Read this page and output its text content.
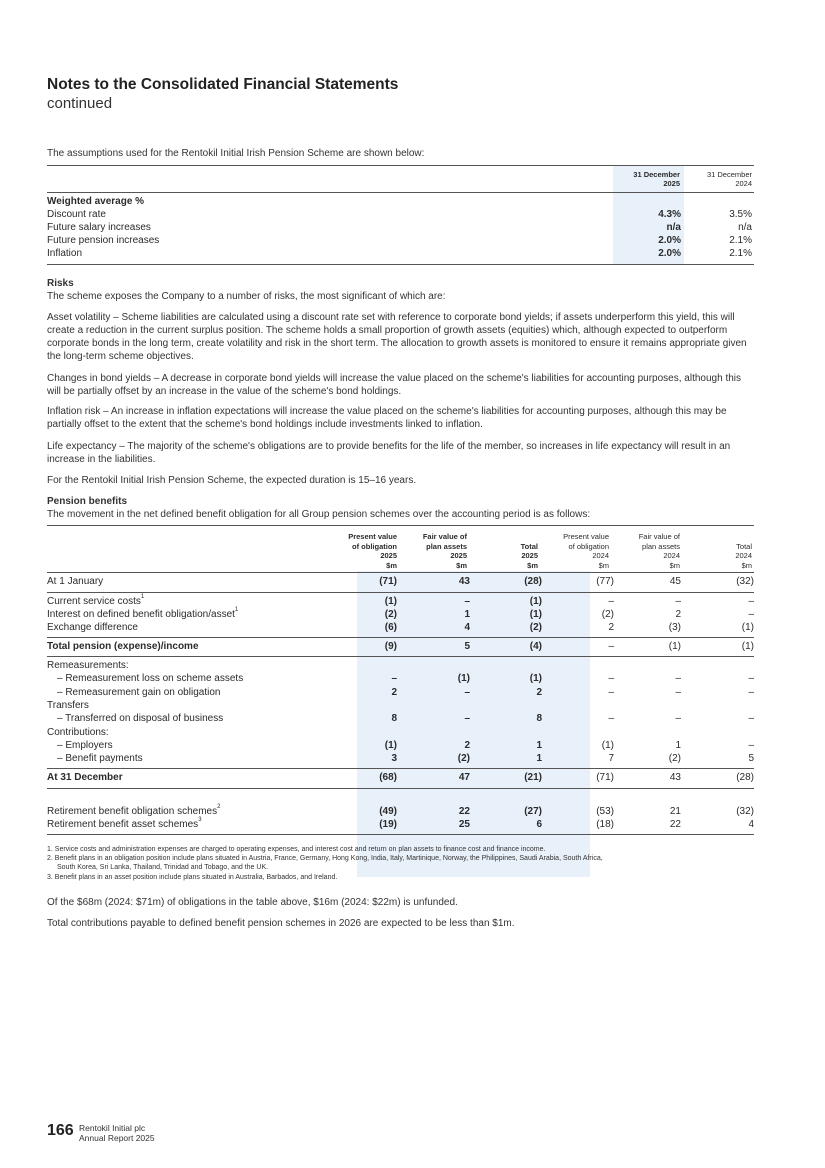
Notes to the Consolidated Financial Statements
continued
The assumptions used for the Rentokil Initial Irish Pension Scheme are shown below:
31 December
2025
31 December
2024
Weighted average %
Discount rate	4.3%	3.5%
Future salary increases	n/a	n/a
Future pension increases	2.0%	2.1%
Inflation	2.0%	2.1%
Risks
The scheme exposes the Company to a number of risks, the most significant of which are:
Asset volatility – Scheme liabilities are calculated using a discount rate set with reference to corporate bond yields; if assets underperform this yield, this will create a reduction in the current surplus position. The scheme holds a small proportion of growth assets (equities) which, although expected to outperform corporate bonds in the long term, create volatility and risk in the short term. The allocation to growth assets is monitored to ensure it remains appropriate given the long-term scheme objectives.
Changes in bond yields – A decrease in corporate bond yields will increase the value placed on the scheme's liabilities for accounting purposes, although this will be partially offset by an increase in the value of the scheme's bond holdings.
Inflation risk – An increase in inflation expectations will increase the value placed on the scheme's liabilities for accounting purposes, although this may be partially offset to the extent that the scheme's bond holdings include investments linked to inflation.
Life expectancy – The majority of the scheme's obligations are to provide benefits for the life of the member, so increases in life expectancy will result in an increase in the liabilities.
For the Rentokil Initial Irish Pension Scheme, the expected duration is 15–16 years.
Pension benefits
The movement in the net defined benefit obligation for all Group pension schemes over the accounting period is as follows:
Present value
of obligation
2025
$m
Fair value of
plan assets
2025
$m

Total
2025
$m
Present value
of obligation
2024
$m
Fair value of
plan assets
2024
$m

Total
2024
$m
At 1 January	(71)	43	(28)	(77)	45	(32)
Current service costs$^1$	(1)	–	(1)	–	–	–
Interest on defined benefit obligation/asset$^1$	(2)	1	(1)	(2)	2	–
Exchange difference	(6)	4	(2)	2	(3)	(1)
Total pension (expense)/income	(9)	5	(4)	–	(1)	(1)
Remeasurements:
– Remeasurement loss on scheme assets	–	(1)	(1)	–	–	–
– Remeasurement gain on obligation	2	–	2	–	–	–
Transfers
– Transferred on disposal of business	8	–	8	–	–	–
Contributions:
– Employers	(1)	2	1	(1)	1	–
– Benefit payments	3	(2)	1	7	(2)	5
At 31 December	(68)	47	(21)	(71)	43	(28)
Retirement benefit obligation schemes$^2$	(49)	22	(27)	(53)	21	(32)
Retirement benefit asset schemes$^3$	(19)	25	6	(18)	22	4
1. Service costs and administration expenses are charged to operating expenses, and interest cost and return on plan assets to finance cost and finance income.
2. Benefit plans in an obligation position include plans situated in Austria, France, Germany, Hong Kong, India, Italy, Martinique, Norway, the Philippines, Saudi Arabia, South Africa,
South Korea, Sri Lanka, Thailand, Trinidad and Tobago, and the UK.
3. Benefit plans in an asset position include plans situated in Australia, Barbados, and Ireland.
Of the $68m (2024: $71m) of obligations in the table above, $16m (2024: $22m) is unfunded.
Total contributions payable to defined benefit pension schemes in 2026 are expected to be less than $1m.
166 Rentokil Initial plc
Annual Report 2025
